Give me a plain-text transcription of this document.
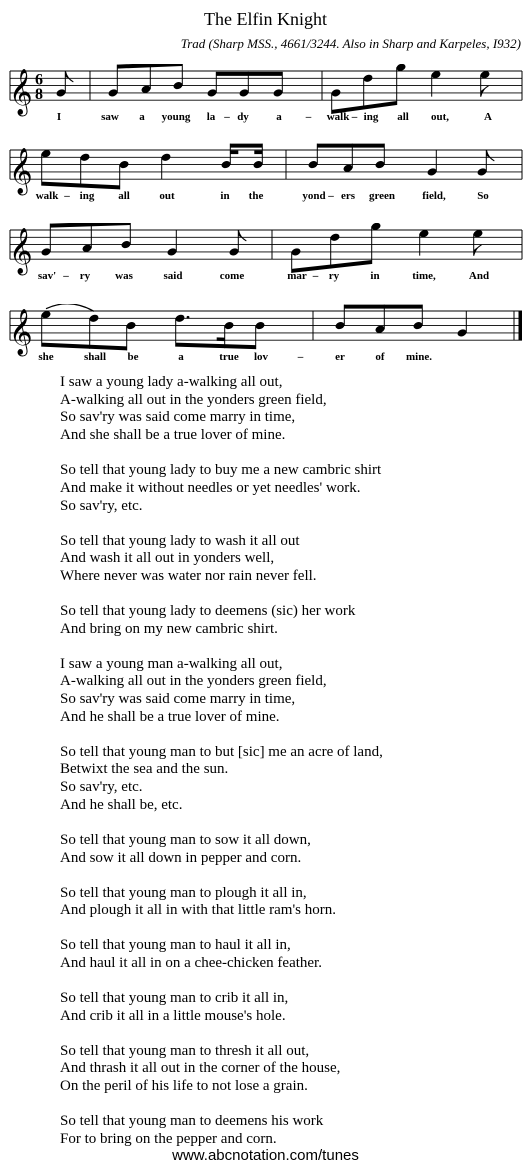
The Elfin Knight
Trad (Sharp MSS., 4661/3244. Also in Sharp and Karpeles, I932)
𝄞 6
8
I	saw a young la dy a	walk ing all out,	A
–	–	–
𝄞
walk ing all	out	in the	yond ers green field,	So
–	–
𝄞
sav' ry was	said	come	mar ry	in	time,	And
–	–
𝄞
she	shall be	a	true lov	er	of mine.
–
I saw a young lady a-walking all out,
A-walking all out in the yonders green field,
So sav'ry was said come marry in time,
And she shall be a true lover of mine.
So tell that young lady to buy me a new cambric shirt
And make it without needles or yet needles' work.
So sav'ry, etc.
So tell that young lady to wash it all out
And wash it all out in yonders well,
Where never was water nor rain never fell.
So tell that young lady to deemens (sic) her work
And bring on my new cambric shirt.
I saw a young man a-walking all out,
A-walking all out in the yonders green field,
So sav'ry was said come marry in time,
And he shall be a true lover of mine.
So tell that young man to but [sic] me an acre of land,
Betwixt the sea and the sun.
So sav'ry, etc.
And he shall be, etc.
So tell that young man to sow it all down,
And sow it all down in pepper and corn.
So tell that young man to plough it all in,
And plough it all in with that little ram's horn.
So tell that young man to haul it all in,
And haul it all in on a chee-chicken feather.
So tell that young man to crib it all in,
And crib it all in a little mouse's hole.
So tell that young man to thresh it all out,
And thrash it all out in the corner of the house,
On the peril of his life to not lose a grain.
So tell that young man to deemens his work
For to bring on the pepper and corn.
www.abcnotation.com/tunes
